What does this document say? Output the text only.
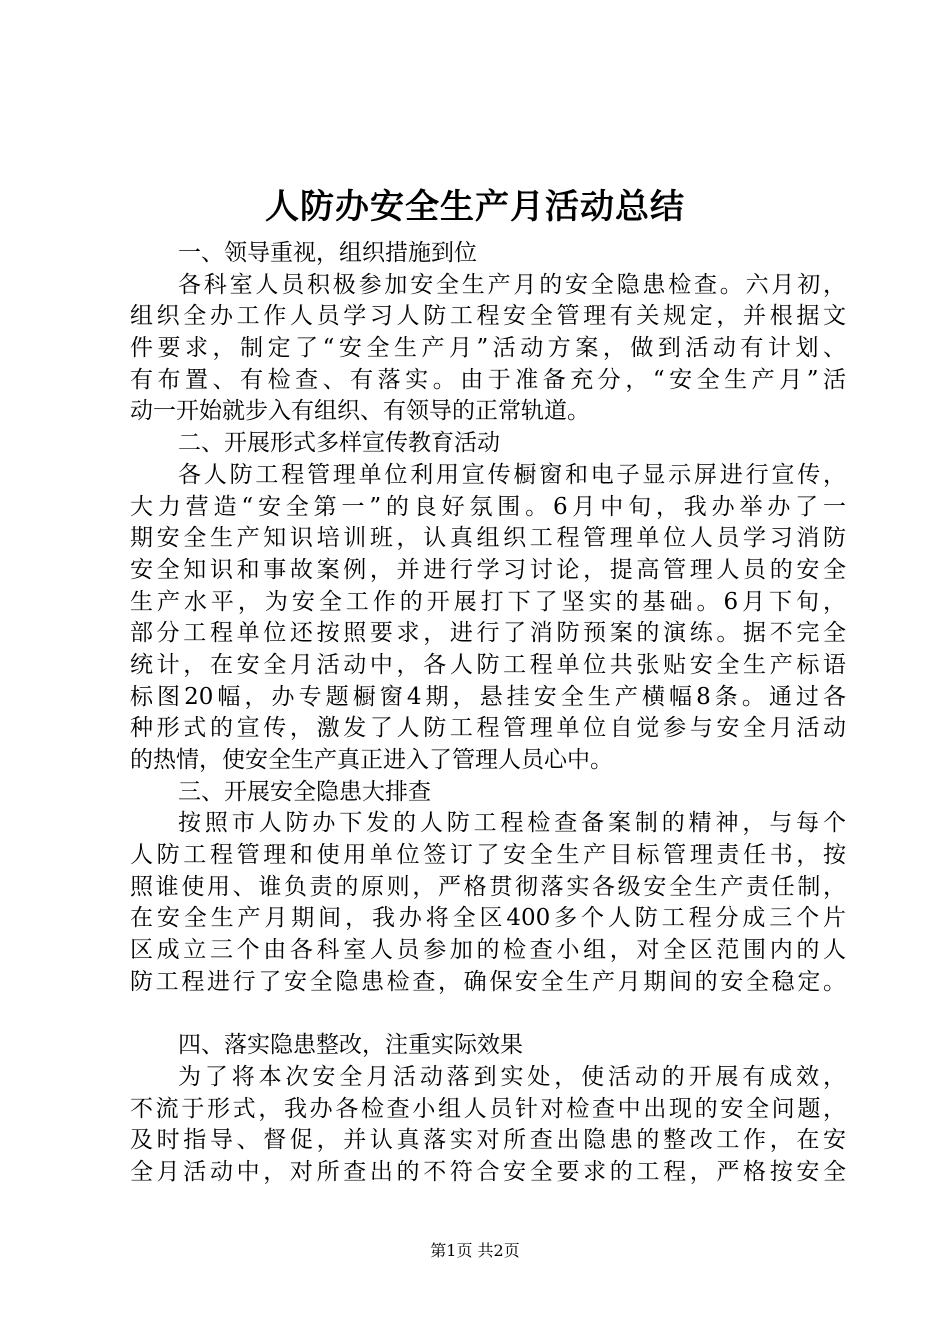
人防办安全生产月活动总结
一、领导重视，组织措施到位
各科室人员积极参加安全生产月的安全隐患检查。六月初，
组织全办工作人员学习人防工程安全管理有关规定，并根据文
件要求，制定了“安全生产月”活动方案，做到活动有计划、
有布置、有检查、有落实。由于准备充分，“安全生产月”活
动一开始就步入有组织、有领导的正常轨道。
二、开展形式多样宣传教育活动
各人防工程管理单位利用宣传橱窗和电子显示屏进行宣传，
大力营造“安全第一”的良好氛围。6月中旬，我办举办了一
期安全生产知识培训班，认真组织工程管理单位人员学习消防
安全知识和事故案例，并进行学习讨论，提高管理人员的安全
生产水平，为安全工作的开展打下了坚实的基础。6月下旬，
部分工程单位还按照要求，进行了消防预案的演练。据不完全
统计，在安全月活动中，各人防工程单位共张贴安全生产标语
标图20幅，办专题橱窗4期，悬挂安全生产横幅8条。通过各
种形式的宣传，激发了人防工程管理单位自觉参与安全月活动
的热情，使安全生产真正进入了管理人员心中。
三、开展安全隐患大排查
按照市人防办下发的人防工程检查备案制的精神，与每个
人防工程管理和使用单位签订了安全生产目标管理责任书，按
照谁使用、谁负责的原则，严格贯彻落实各级安全生产责任制，
在安全生产月期间，我办将全区400多个人防工程分成三个片
区成立三个由各科室人员参加的检查小组，对全区范围内的人
防工程进行了安全隐患检查，确保安全生产月期间的安全稳定。
四、落实隐患整改，注重实际效果
为了将本次安全月活动落到实处，使活动的开展有成效，
不流于形式，我办各检查小组人员针对检查中出现的安全问题，
及时指导、督促，并认真落实对所查出隐患的整改工作，在安
全月活动中，对所查出的不符合安全要求的工程，严格按安全
第1页 共2页
